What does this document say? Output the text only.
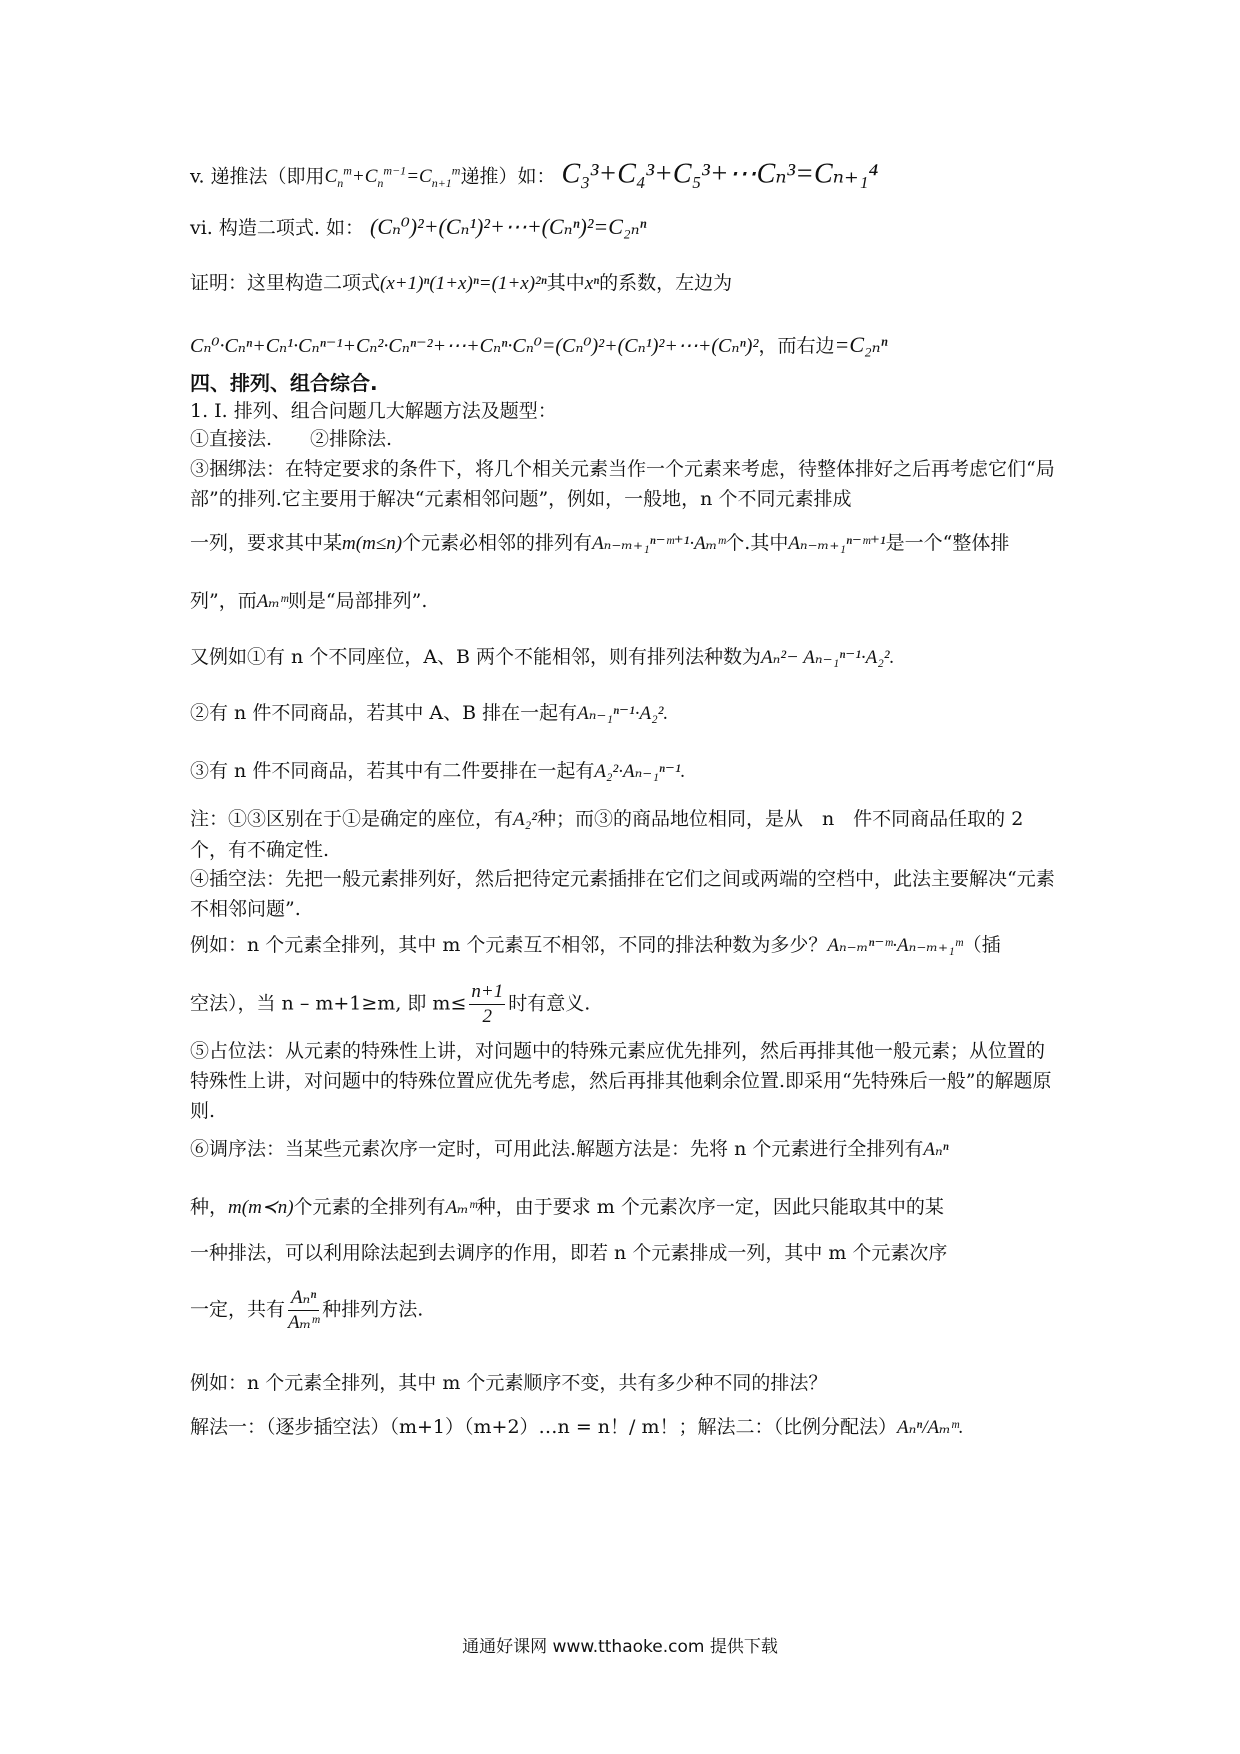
v. 递推法（即用$C_n^m+C_n^{m-1}=C_{n+1}^m$递推）如： C₃³+C₄³+C₅³+⋯Cₙ³=Cₙ₊₁⁴
vi. 构造二项式. 如： (Cₙ⁰)²+(Cₙ¹)²+⋯+(Cₙⁿ)²=C₂ₙⁿ
证明：这里构造二项式(x+1)ⁿ(1+x)ⁿ=(1+x)²ⁿ其中xⁿ的系数，左边为
Cₙ⁰·Cₙⁿ+Cₙ¹·Cₙⁿ⁻¹+Cₙ²·Cₙⁿ⁻²+⋯+Cₙⁿ·Cₙ⁰=(Cₙ⁰)²+(Cₙ¹)²+⋯+(Cₙⁿ)²，而右边=C₂ₙⁿ
四、排列、组合综合.
1. I. 排列、组合问题几大解题方法及题型：
①直接法.　　②排除法.
③捆绑法：在特定要求的条件下，将几个相关元素当作一个元素来考虑，待整体排好之后再考虑它们“局部”的排列.它主要用于解决“元素相邻问题”，例如，一般地，n 个不同元素排成
一列，要求其中某m(m≤n)个元素必相邻的排列有Aₙ₋ₘ₊₁ⁿ⁻ᵐ⁺¹·Aₘᵐ个.其中Aₙ₋ₘ₊₁ⁿ⁻ᵐ⁺¹是一个“整体排
列”，而Aₘᵐ则是“局部排列”.
又例如①有 n 个不同座位，A、B 两个不能相邻，则有排列法种数为Aₙ²− Aₙ₋₁ⁿ⁻¹·A₂².
②有 n 件不同商品，若其中 A、B 排在一起有Aₙ₋₁ⁿ⁻¹·A₂².
③有 n 件不同商品，若其中有二件要排在一起有A₂²·Aₙ₋₁ⁿ⁻¹.
注：①③区别在于①是确定的座位，有A₂²种；而③的商品地位相同，是从　n　件不同商品任取的 2 个，有不确定性.
④插空法：先把一般元素排列好，然后把待定元素插排在它们之间或两端的空档中，此法主要解决“元素不相邻问题”.
例如：n 个元素全排列，其中 m 个元素互不相邻，不同的排法种数为多少？Aₙ₋ₘⁿ⁻ᵐ·Aₙ₋ₘ₊₁ᵐ（插
空法），当 n – m+1≥m, 即 $m\le \frac{n+1}{2}$ 时有意义.
⑤占位法：从元素的特殊性上讲，对问题中的特殊元素应优先排列，然后再排其他一般元素；从位置的特殊性上讲，对问题中的特殊位置应优先考虑，然后再排其他剩余位置.即采用“先特殊后一般”的解题原则.
⑥调序法：当某些元素次序一定时，可用此法.解题方法是：先将 n 个元素进行全排列有Aₙⁿ
种，m(m≺n)个元素的全排列有Aₘᵐ种，由于要求 m 个元素次序一定，因此只能取其中的某
一种排法，可以利用除法起到去调序的作用，即若 n 个元素排成一列，其中 m 个元素次序
一定，共有 $\frac{\text{Aₙⁿ}}{\text{Aₘᵐ}}$ 种排列方法.
例如：n 个元素全排列，其中 m 个元素顺序不变，共有多少种不同的排法？
解法一：（逐步插空法）（m+1）（m+2）…n = n！/ m！；解法二：（比例分配法）Aₙⁿ/Aₘᵐ.
通通好课网 www.tthaoke.com 提供下载
